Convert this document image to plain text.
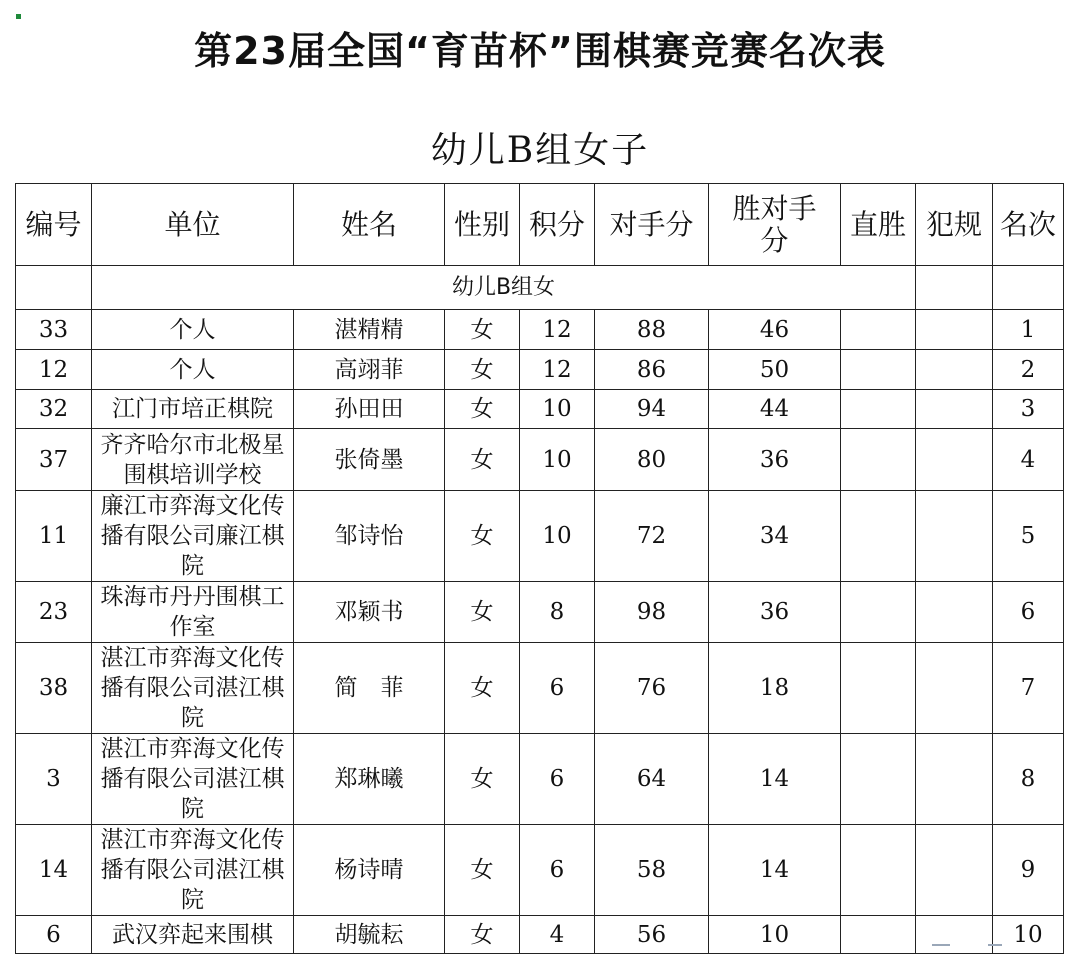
第23届全国“育苗杯”围棋赛竞赛名次表
幼儿B组女子
编号	单位	姓名	性别	积分	对手分	胜对手分	直胜	犯规	名次
	幼儿B组女								
33	个人	湛精精	女	12	88	46			1
12	个人	高翊菲	女	12	86	50			2
32	江门市培正棋院	孙田田	女	10	94	44			3
37	齐齐哈尔市北极星围棋培训学校	张倚墨	女	10	80	36			4
11	廉江市弈海文化传播有限公司廉江棋院	邹诗怡	女	10	72	34			5
23	珠海市丹丹围棋工作室	邓颖书	女	8	98	36			6
38	湛江市弈海文化传播有限公司湛江棋院	简　菲	女	6	76	18			7
3	湛江市弈海文化传播有限公司湛江棋院	郑琳曦	女	6	64	14			8
14	湛江市弈海文化传播有限公司湛江棋院	杨诗晴	女	6	58	14			9
6	武汉弈起来围棋	胡毓耘	女	4	56	10			10
